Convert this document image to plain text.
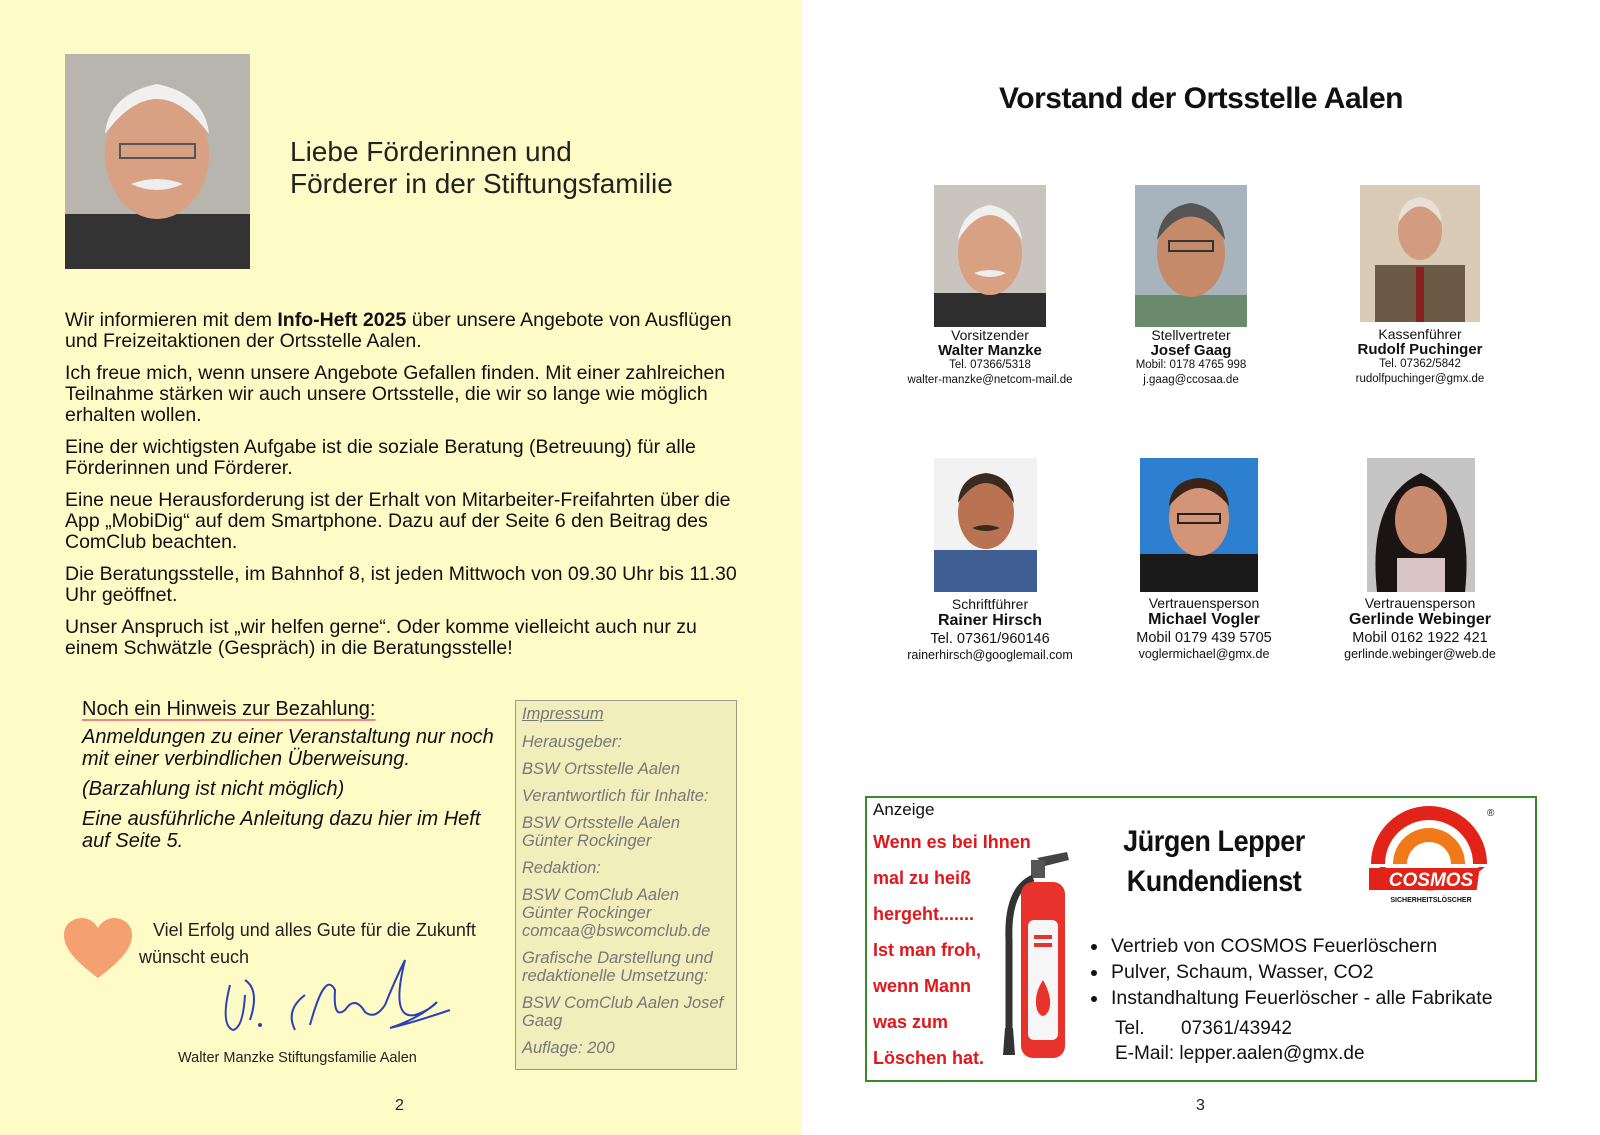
Liebe Förderinnen und
Förderer in der Stiftungsfamilie

Wir informieren mit dem Info-Heft 2025 über unsere Angebote von Ausflügen und Freizeitaktionen der Ortsstelle Aalen.

Ich freue mich, wenn unsere Angebote Gefallen finden. Mit einer zahlreichen Teilnahme stärken wir auch unsere Ortsstelle, die wir so lange wie möglich erhalten wollen.

Eine der wichtigsten Aufgabe ist die soziale Beratung (Betreuung) für alle Förderinnen und Förderer.

Eine neue Herausforderung ist der Erhalt von Mitarbeiter-Freifahrten über die App „MobiDig“ auf dem Smartphone. Dazu auf der Seite 6 den Beitrag des ComClub beachten.

Die Beratungsstelle, im Bahnhof 8, ist jeden Mittwoch von 09.30 Uhr bis 11.30 Uhr geöffnet.

Unser Anspruch ist „wir helfen gerne“. Oder komme vielleicht auch nur zu einem Schwätzle (Gespräch) in die Beratungsstelle!

Noch ein Hinweis zur Bezahlung:
Anmeldungen zu einer Veranstaltung nur noch mit einer verbindlichen Überweisung.
(Barzahlung ist nicht möglich)
Eine ausführliche Anleitung dazu hier im Heft auf Seite 5.
Impressum
Herausgeber:
BSW Ortsstelle Aalen
Verantwortlich für Inhalte:
BSW Ortsstelle Aalen Günter Rockinger
Redaktion:
BSW ComClub Aalen Günter Rockinger comcaa@bswcomclub.de
Grafische Darstellung und redaktionelle Umsetzung:
BSW ComClub Aalen Josef Gaag
Auflage: 200
Viel Erfolg und alles Gute für die Zukunft
wünscht euch
Walter Manzke Stiftungsfamilie Aalen
2
Vorstand der Ortsstelle Aalen
Vorsitzender
Walter Manzke
Tel. 07366/5318
walter-manzke@netcom-mail.de
Stellvertreter
Josef Gaag
Mobil: 0178 4765 998
j.gaag@ccosaa.de
Kassenführer
Rudolf Puchinger
Tel. 07362/5842
rudolfpuchinger@gmx.de
Schriftführer
Rainer Hirsch
Tel. 07361/960146
rainerhirsch@googlemail.com
Vertrauensperson
Michael Vogler
Mobil 0179 439 5705
voglermichael@gmx.de
Vertrauensperson
Gerlinde Webinger
Mobil 0162 1922 421
gerlinde.webinger@web.de
3
Anzeige
Wenn es bei Ihnen
mal zu heiß
hergeht.......
Ist man froh,
wenn Mann
was zum
Löschen hat.
Jürgen Lepper
Kundendienst	COSMOS
SICHERHEITSLÖSCHER
®
• Vertrieb von COSMOS Feuerlöschern
• Pulver, Schaum, Wasser, CO2
• Instandhaltung Feuerlöscher - alle Fabrikate
Tel. 07361/43942
E-Mail: lepper.aalen@gmx.de
